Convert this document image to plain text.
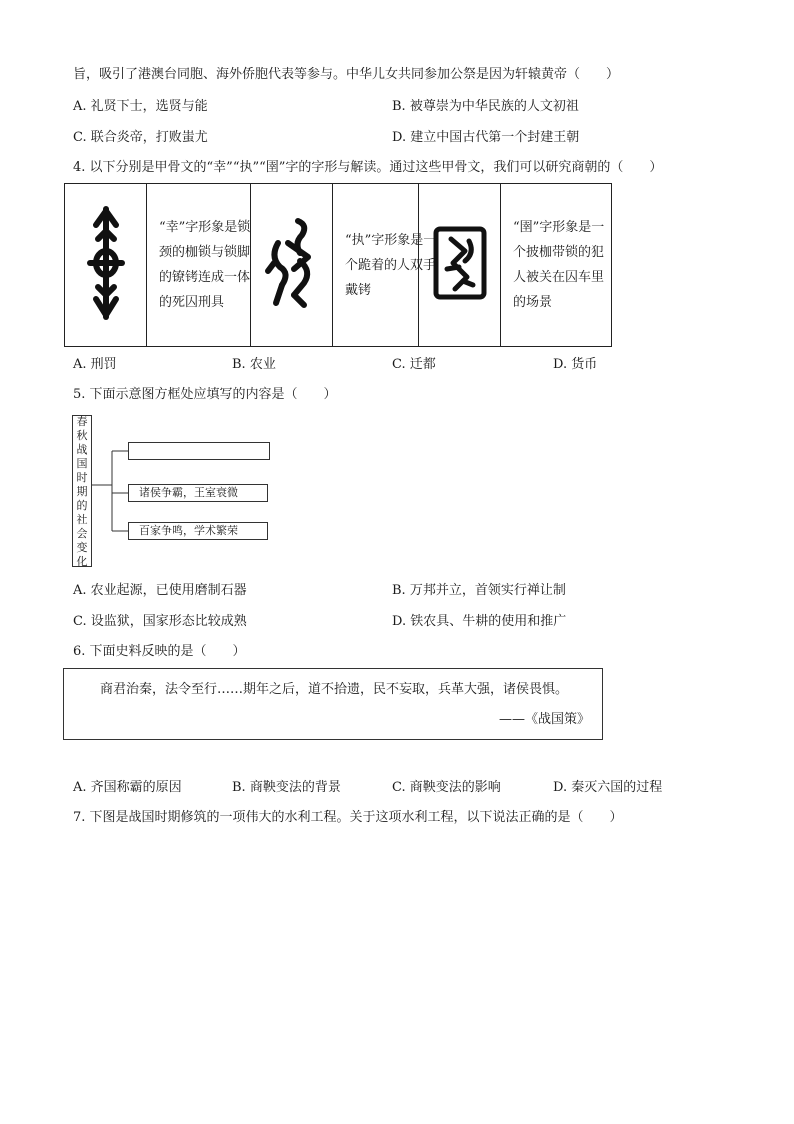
旨，吸引了港澳台同胞、海外侨胞代表等参与。中华儿女共同参加公祭是因为轩辕黄帝（　　）
A. 礼贤下士，选贤与能	B. 被尊崇为中华民族的人文初祖
C. 联合炎帝，打败蚩尤	D. 建立中国古代第一个封建王朝
4. 以下分别是甲骨文的“幸”“执”“圉”字的字形与解读。通过这些甲骨文，我们可以研究商朝的（　　）

“幸”字形象是锁颈的枷锁与锁脚的镣铐连成一体的死囚刑具

“执”字形象是一个跪着的人双手戴铐

“圉”字形象是一个披枷带锁的犯人被关在囚车里的场景
A. 刑罚	B. 农业	C. 迁都	D. 货币
5. 下面示意图方框处应填写的内容是（　　）
春秋战国时期的社会变化
诸侯争霸，王室衰微
百家争鸣，学术繁荣
A. 农业起源，已使用磨制石器	B. 万邦并立，首领实行禅让制
C. 设监狱，国家形态比较成熟	D. 铁农具、牛耕的使用和推广
6. 下面史料反映的是（　　）
商君治秦，法令至行……期年之后，道不拾遗，民不妄取，兵革大强，诸侯畏惧。
——《战国策》
A. 齐国称霸的原因	B. 商鞅变法的背景	C. 商鞅变法的影响	D. 秦灭六国的过程
7. 下图是战国时期修筑的一项伟大的水利工程。关于这项水利工程，以下说法正确的是（　　）
